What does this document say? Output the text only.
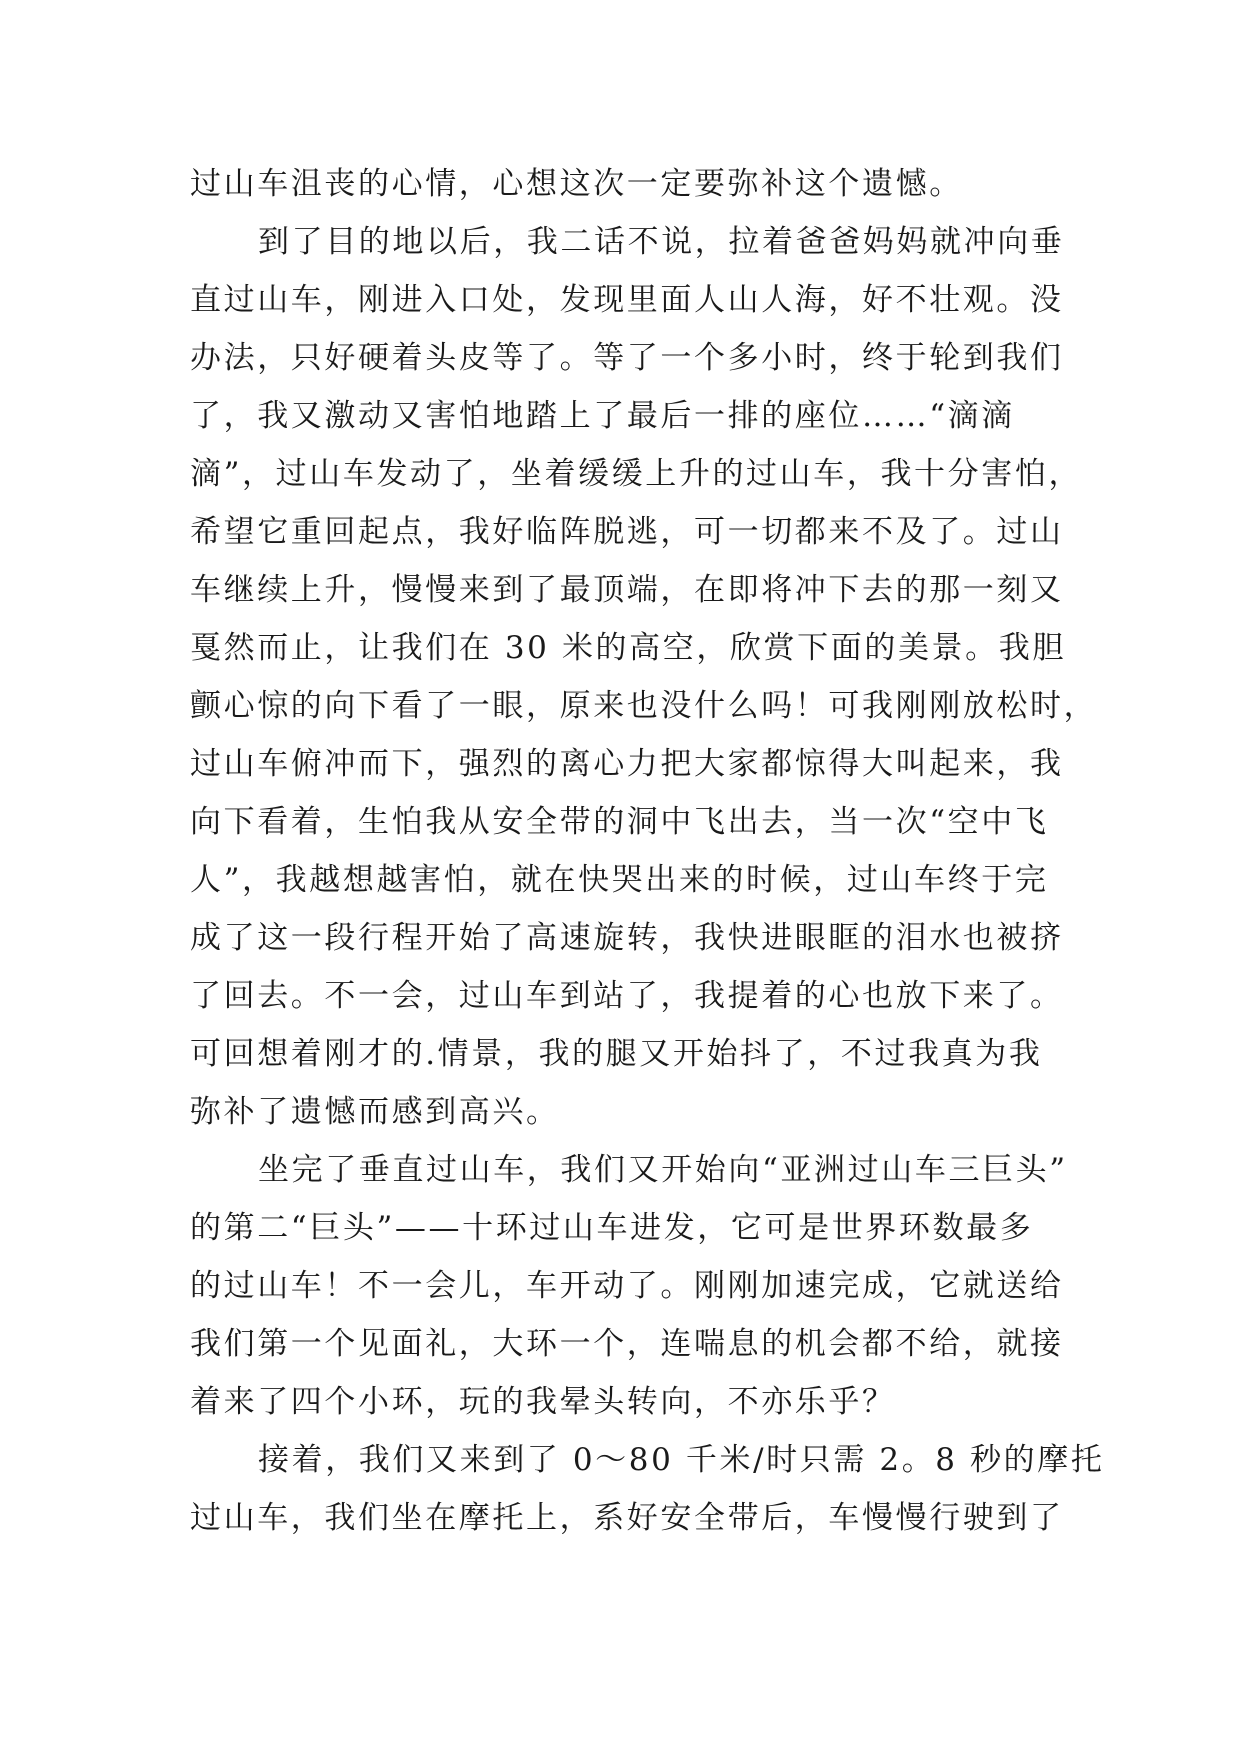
过山车沮丧的心情，心想这次一定要弥补这个遗憾。
到了目的地以后，我二话不说，拉着爸爸妈妈就冲向垂
直过山车，刚进入口处，发现里面人山人海，好不壮观。没
办法，只好硬着头皮等了。等了一个多小时，终于轮到我们
了，我又激动又害怕地踏上了最后一排的座位……“滴滴
滴”，过山车发动了，坐着缓缓上升的过山车，我十分害怕，
希望它重回起点，我好临阵脱逃，可一切都来不及了。过山
车继续上升，慢慢来到了最顶端，在即将冲下去的那一刻又
戛然而止，让我们在 30 米的高空，欣赏下面的美景。我胆
颤心惊的向下看了一眼，原来也没什么吗！可我刚刚放松时，
过山车俯冲而下，强烈的离心力把大家都惊得大叫起来，我
向下看着，生怕我从安全带的洞中飞出去，当一次“空中飞
人”，我越想越害怕，就在快哭出来的时候，过山车终于完
成了这一段行程开始了高速旋转，我快进眼眶的泪水也被挤
了回去。不一会，过山车到站了，我提着的心也放下来了。
可回想着刚才的.情景，我的腿又开始抖了，不过我真为我
弥补了遗憾而感到高兴。
坐完了垂直过山车，我们又开始向“亚洲过山车三巨头”
的第二“巨头”——十环过山车进发，它可是世界环数最多
的过山车！不一会儿，车开动了。刚刚加速完成，它就送给
我们第一个见面礼，大环一个，连喘息的机会都不给，就接
着来了四个小环，玩的我晕头转向，不亦乐乎？
接着，我们又来到了 0～80 千米/时只需 2。8 秒的摩托
过山车，我们坐在摩托上，系好安全带后，车慢慢行驶到了
